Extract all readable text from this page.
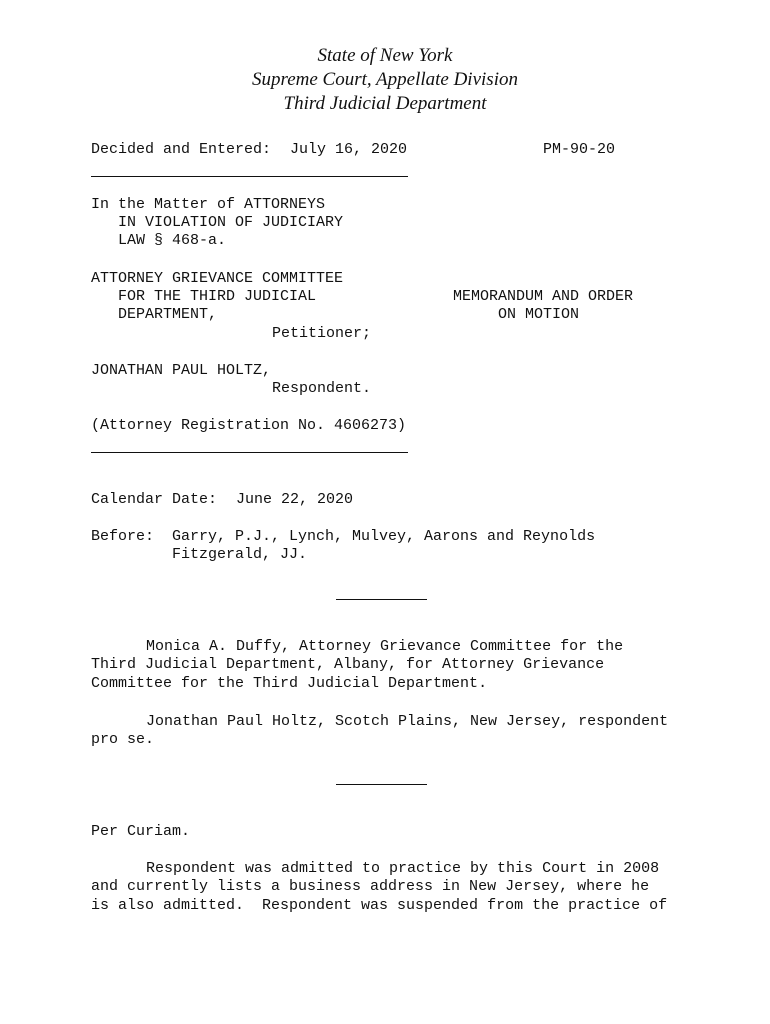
State of New York
Supreme Court, Appellate Division
Third Judicial Department
Decided and Entered: July 16, 2020	PM-90-20
In the Matter of ATTORNEYS
IN VIOLATION OF JUDICIARY
LAW § 468-a.
ATTORNEY GRIEVANCE COMMITTEE
FOR THE THIRD JUDICIAL
DEPARTMENT,
Petitioner;
MEMORANDUM AND ORDER
ON MOTION
JONATHAN PAUL HOLTZ,
Respondent.
(Attorney Registration No. 4606273)
Calendar Date: June 22, 2020
Before: Garry, P.J., Lynch, Mulvey, Aarons and Reynolds
Fitzgerald, JJ.
Monica A. Duffy, Attorney Grievance Committee for the
Third Judicial Department, Albany, for Attorney Grievance
Committee for the Third Judicial Department.
Jonathan Paul Holtz, Scotch Plains, New Jersey, respondent
pro se.
Per Curiam.
Respondent was admitted to practice by this Court in 2008
and currently lists a business address in New Jersey, where he
is also admitted.  Respondent was suspended from the practice of
